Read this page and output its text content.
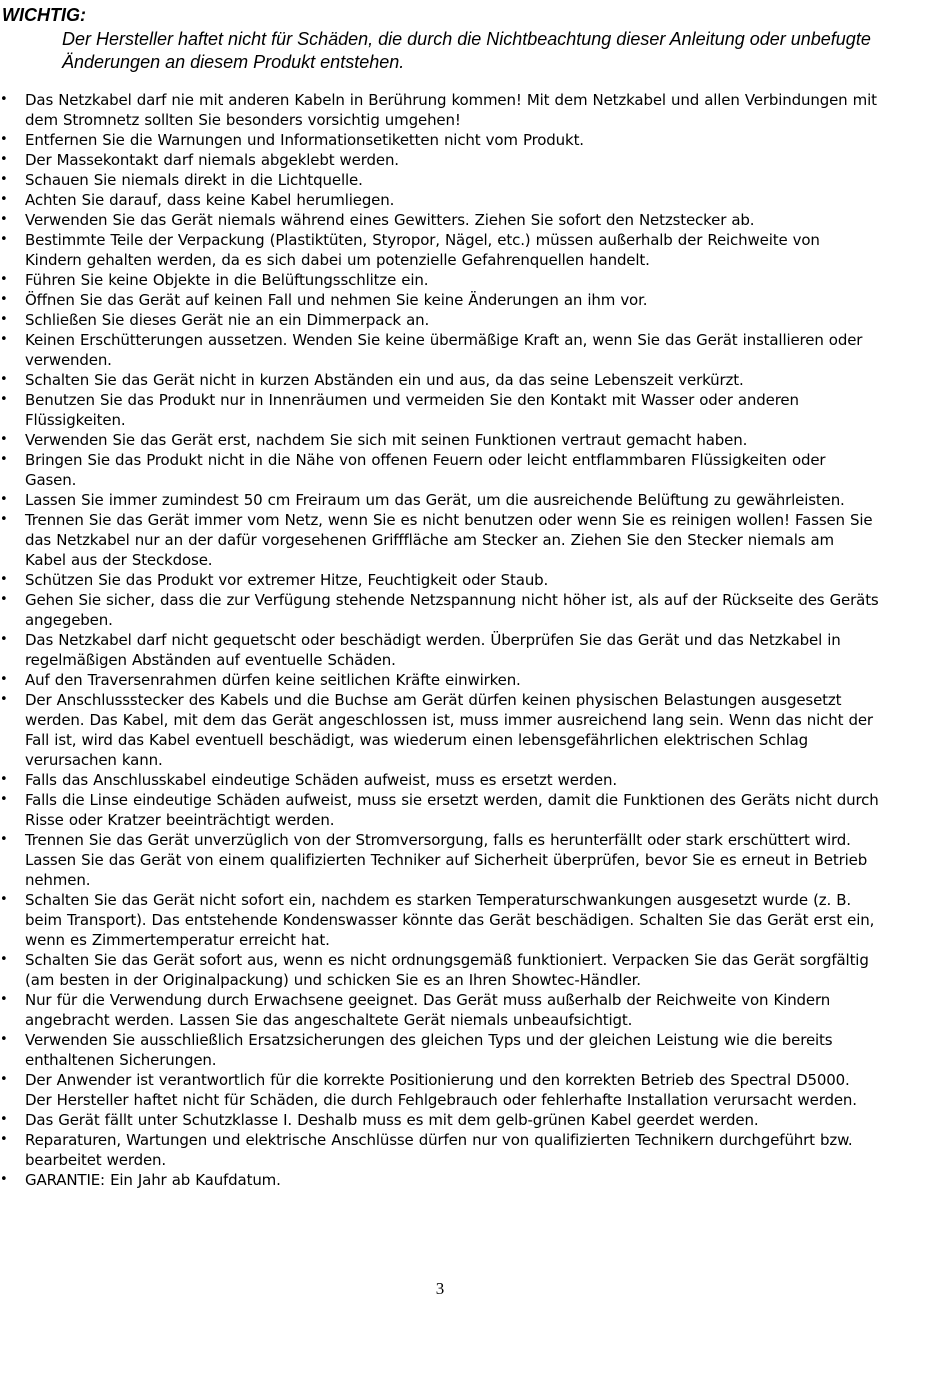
WICHTIG:

Der Hersteller haftet nicht für Schäden, die durch die Nichtbeachtung dieser Anleitung oder unbefugte Änderungen an diesem Produkt entstehen.

•	Das Netzkabel darf nie mit anderen Kabeln in Berührung kommen! Mit dem Netzkabel und allen Verbindungen mit dem Stromnetz sollten Sie besonders vorsichtig umgehen!
•	Entfernen Sie die Warnungen und Informationsetiketten nicht vom Produkt.
•	Der Massekontakt darf niemals abgeklebt werden.
•	Schauen Sie niemals direkt in die Lichtquelle.
•	Achten Sie darauf, dass keine Kabel herumliegen.
•	Verwenden Sie das Gerät niemals während eines Gewitters. Ziehen Sie sofort den Netzstecker ab.
•	Bestimmte Teile der Verpackung (Plastiktüten, Styropor, Nägel, etc.) müssen außerhalb der Reichweite von Kindern gehalten werden, da es sich dabei um potenzielle Gefahrenquellen handelt.
•	Führen Sie keine Objekte in die Belüftungsschlitze ein.
•	Öffnen Sie das Gerät auf keinen Fall und nehmen Sie keine Änderungen an ihm vor.
•	Schließen Sie dieses Gerät nie an ein Dimmerpack an.
•	Keinen Erschütterungen aussetzen. Wenden Sie keine übermäßige Kraft an, wenn Sie das Gerät installieren oder verwenden.
•	Schalten Sie das Gerät nicht in kurzen Abständen ein und aus, da das seine Lebenszeit verkürzt.
•	Benutzen Sie das Produkt nur in Innenräumen und vermeiden Sie den Kontakt mit Wasser oder anderen Flüssigkeiten.
•	Verwenden Sie das Gerät erst, nachdem Sie sich mit seinen Funktionen vertraut gemacht haben.
•	Bringen Sie das Produkt nicht in die Nähe von offenen Feuern oder leicht entflammbaren Flüssigkeiten oder Gasen.
•	Lassen Sie immer zumindest 50 cm Freiraum um das Gerät, um die ausreichende Belüftung zu gewährleisten.
•	Trennen Sie das Gerät immer vom Netz, wenn Sie es nicht benutzen oder wenn Sie es reinigen wollen! Fassen Sie das Netzkabel nur an der dafür vorgesehenen Grifffläche am Stecker an. Ziehen Sie den Stecker niemals am Kabel aus der Steckdose.
•	Schützen Sie das Produkt vor extremer Hitze, Feuchtigkeit oder Staub.
•	Gehen Sie sicher, dass die zur Verfügung stehende Netzspannung nicht höher ist, als auf der Rückseite des Geräts angegeben.
•	Das Netzkabel darf nicht gequetscht oder beschädigt werden. Überprüfen Sie das Gerät und das Netzkabel in regelmäßigen Abständen auf eventuelle Schäden.
•	Auf den Traversenrahmen dürfen keine seitlichen Kräfte einwirken.
•	Der Anschlussstecker des Kabels und die Buchse am Gerät dürfen keinen physischen Belastungen ausgesetzt werden. Das Kabel, mit dem das Gerät angeschlossen ist, muss immer ausreichend lang sein. Wenn das nicht der Fall ist, wird das Kabel eventuell beschädigt, was wiederum einen lebensgefährlichen elektrischen Schlag verursachen kann.
•	Falls das Anschlusskabel eindeutige Schäden aufweist, muss es ersetzt werden.
•	Falls die Linse eindeutige Schäden aufweist, muss sie ersetzt werden, damit die Funktionen des Geräts nicht durch Risse oder Kratzer beeinträchtigt werden.
•	Trennen Sie das Gerät unverzüglich von der Stromversorgung, falls es herunterfällt oder stark erschüttert wird. Lassen Sie das Gerät von einem qualifizierten Techniker auf Sicherheit überprüfen, bevor Sie es erneut in Betrieb nehmen.
•	Schalten Sie das Gerät nicht sofort ein, nachdem es starken Temperaturschwankungen ausgesetzt wurde (z. B. beim Transport). Das entstehende Kondenswasser könnte das Gerät beschädigen. Schalten Sie das Gerät erst ein, wenn es Zimmertemperatur erreicht hat.
•	Schalten Sie das Gerät sofort aus, wenn es nicht ordnungsgemäß funktioniert. Verpacken Sie das Gerät sorgfältig (am besten in der Originalpackung) und schicken Sie es an Ihren Showtec-Händler.
•	Nur für die Verwendung durch Erwachsene geeignet. Das Gerät muss außerhalb der Reichweite von Kindern angebracht werden. Lassen Sie das angeschaltete Gerät niemals unbeaufsichtigt.
•	Verwenden Sie ausschließlich Ersatzsicherungen des gleichen Typs und der gleichen Leistung wie die bereits enthaltenen Sicherungen.
•	Der Anwender ist verantwortlich für die korrekte Positionierung und den korrekten Betrieb des Spectral D5000. Der Hersteller haftet nicht für Schäden, die durch Fehlgebrauch oder fehlerhafte Installation verursacht werden.
•	Das Gerät fällt unter Schutzklasse I. Deshalb muss es mit dem gelb-grünen Kabel geerdet werden.
•	Reparaturen, Wartungen und elektrische Anschlüsse dürfen nur von qualifizierten Technikern durchgeführt bzw. bearbeitet werden.
•	GARANTIE: Ein Jahr ab Kaufdatum.
3
